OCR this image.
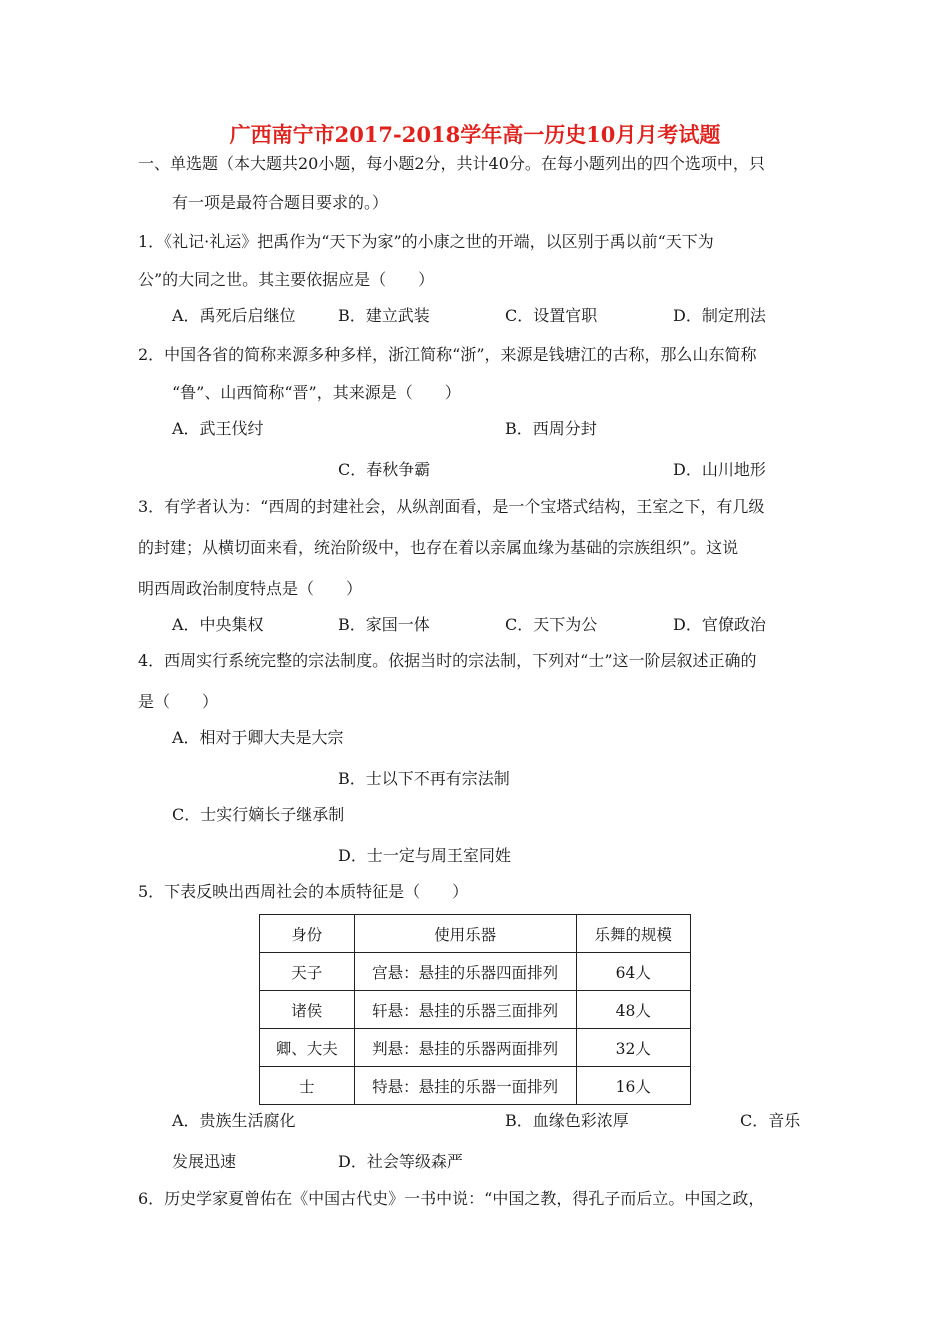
广西南宁市2017-2018学年高一历史10月月考试题
一、单选题（本大题共20小题，每小题2分，共计40分。在每小题列出的四个选项中，只
有一项是最符合题目要求的。）
1．《礼记·礼运》把禹作为“天下为家”的小康之世的开端，以区别于禹以前“天下为
公”的大同之世。其主要依据应是（　　）
A．禹死后启继位	B．建立武装	C．设置官职	D．制定刑法
2．中国各省的简称来源多种多样，浙江简称“浙”，来源是钱塘江的古称，那么山东简称
“鲁”、山西简称“晋”，其来源是（　　）
A．武王伐纣	B．西周分封
C．春秋争霸	D．山川地形
3．有学者认为：“西周的封建社会，从纵剖面看，是一个宝塔式结构，王室之下，有几级
的封建；从横切面来看，统治阶级中，也存在着以亲属血缘为基础的宗族组织”。这说
明西周政治制度特点是（　　）
A．中央集权	B．家国一体	C．天下为公	D．官僚政治
4．西周实行系统完整的宗法制度。依据当时的宗法制，下列对“士”这一阶层叙述正确的
是（　　）
A．相对于卿大夫是大宗
B．士以下不再有宗法制
C．士实行嫡长子继承制
D．士一定与周王室同姓
5．下表反映出西周社会的本质特征是（　　）
身份	使用乐器	乐舞的规模
天子	宫悬：悬挂的乐器四面排列	64人
诸侯	轩悬：悬挂的乐器三面排列	48人
卿、大夫	判悬：悬挂的乐器两面排列	32人
士	特悬：悬挂的乐器一面排列	16人
A．贵族生活腐化	B．血缘色彩浓厚	C．音乐
发展迅速	D．社会等级森严
6．历史学家夏曾佑在《中国古代史》一书中说：“中国之教，得孔子而后立。中国之政，
